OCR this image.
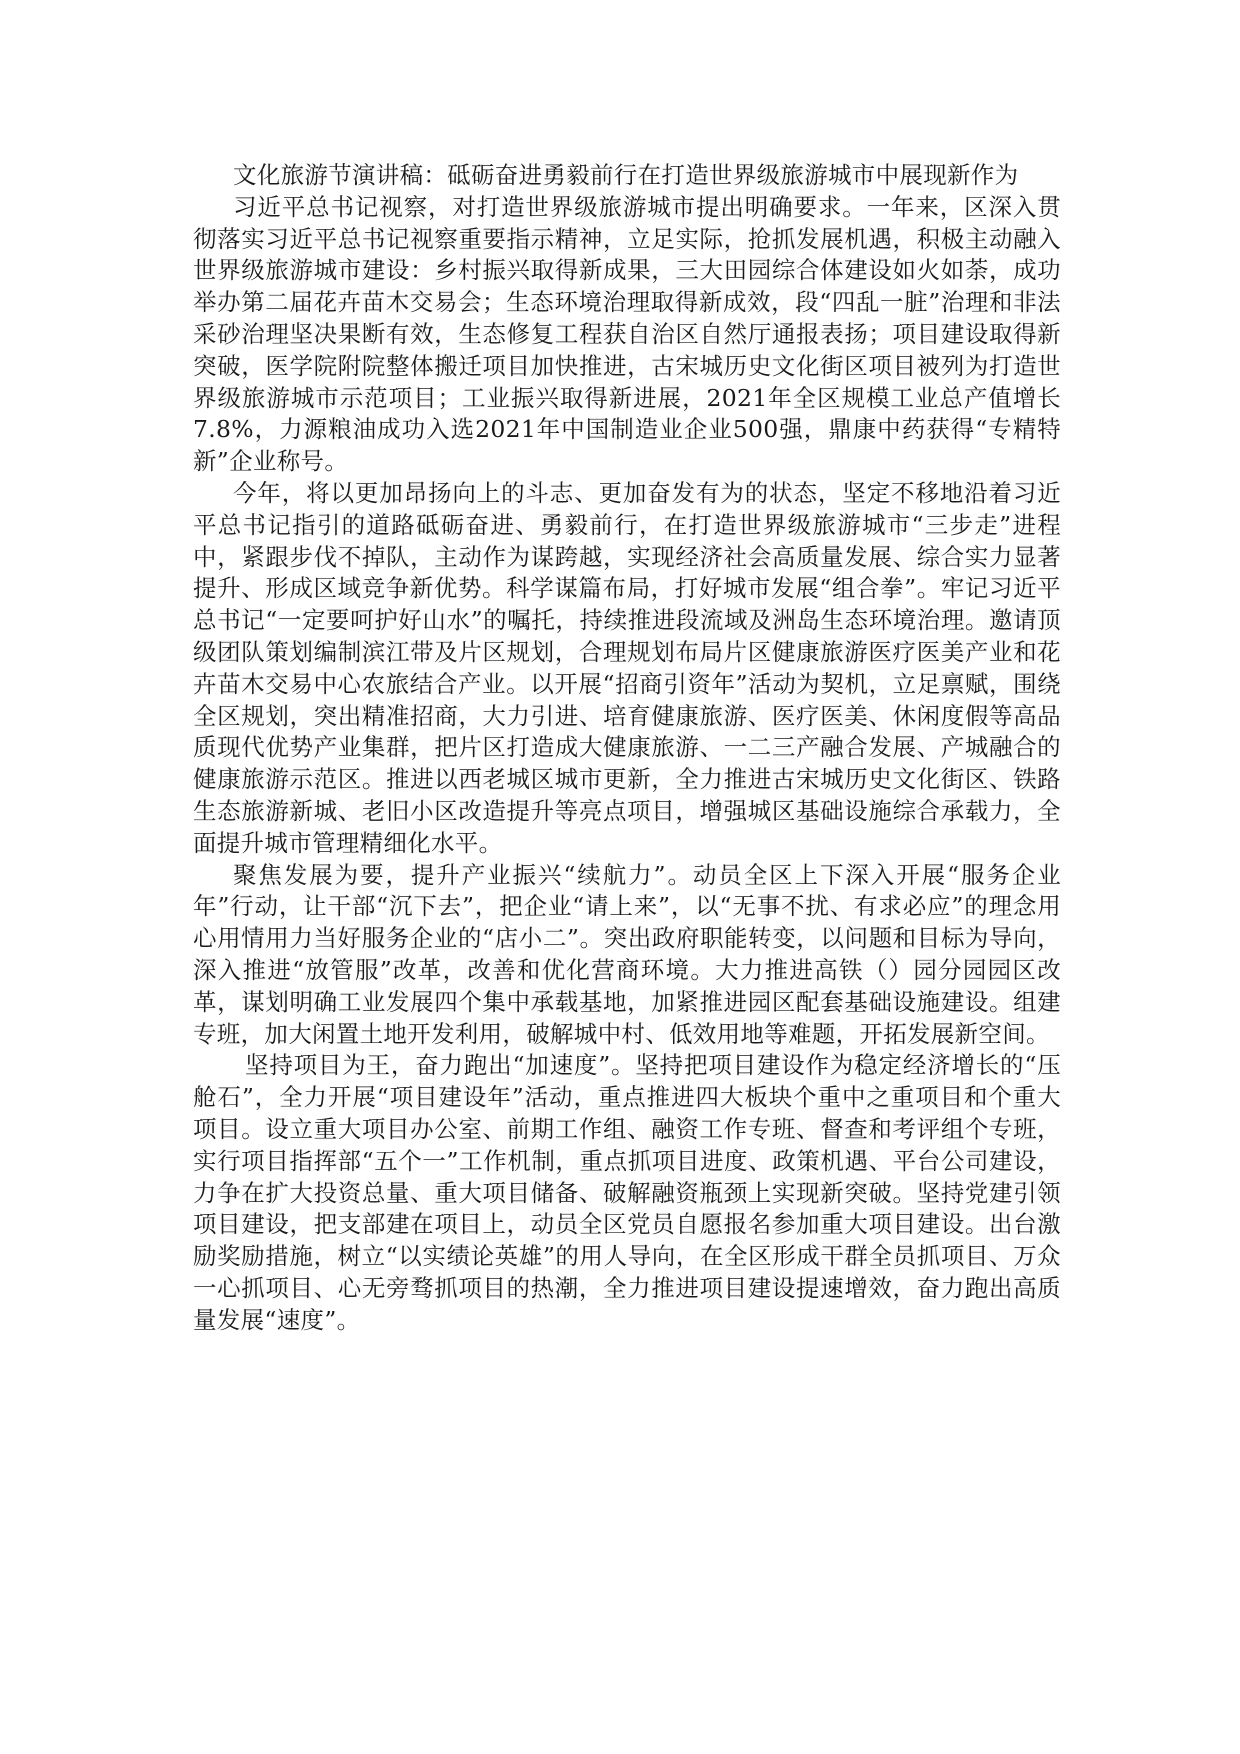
文化旅游节演讲稿：砥砺奋进勇毅前行在打造世界级旅游城市中展现新作为

习近平总书记视察，对打造世界级旅游城市提出明确要求。一年来，区深入贯彻落实习近平总书记视察重要指示精神，立足实际，抢抓发展机遇，积极主动融入世界级旅游城市建设：乡村振兴取得新成果，三大田园综合体建设如火如荼，成功举办第二届花卉苗木交易会；生态环境治理取得新成效，段“四乱一脏”治理和非法采砂治理坚决果断有效，生态修复工程获自治区自然厅通报表扬；项目建设取得新突破，医学院附院整体搬迁项目加快推进，古宋城历史文化街区项目被列为打造世界级旅游城市示范项目；工业振兴取得新进展，2021年全区规模工业总产值增长7.8%，力源粮油成功入选2021年中国制造业企业500强，鼎康中药获得“专精特新”企业称号。

今年，将以更加昂扬向上的斗志、更加奋发有为的状态，坚定不移地沿着习近平总书记指引的道路砥砺奋进、勇毅前行，在打造世界级旅游城市“三步走”进程中，紧跟步伐不掉队，主动作为谋跨越，实现经济社会高质量发展、综合实力显著提升、形成区域竞争新优势。科学谋篇布局，打好城市发展“组合拳”。牢记习近平总书记“一定要呵护好山水”的嘱托，持续推进段流域及洲岛生态环境治理。邀请顶级团队策划编制滨江带及片区规划，合理规划布局片区健康旅游医疗医美产业和花卉苗木交易中心农旅结合产业。以开展“招商引资年”活动为契机，立足禀赋，围绕全区规划，突出精准招商，大力引进、培育健康旅游、医疗医美、休闲度假等高品质现代优势产业集群，把片区打造成大健康旅游、一二三产融合发展、产城融合的健康旅游示范区。推进以西老城区城市更新，全力推进古宋城历史文化街区、铁路生态旅游新城、老旧小区改造提升等亮点项目，增强城区基础设施综合承载力，全面提升城市管理精细化水平。

聚焦发展为要，提升产业振兴“续航力”。动员全区上下深入开展“服务企业年”行动，让干部“沉下去”，把企业“请上来”，以“无事不扰、有求必应”的理念用心用情用力当好服务企业的“店小二”。突出政府职能转变，以问题和目标为导向，深入推进“放管服”改革，改善和优化营商环境。大力推进高铁（）园分园园区改革，谋划明确工业发展四个集中承载基地，加紧推进园区配套基础设施建设。组建专班，加大闲置土地开发利用，破解城中村、低效用地等难题，开拓发展新空间。

坚持项目为王，奋力跑出“加速度”。坚持把项目建设作为稳定经济增长的“压舱石”，全力开展“项目建设年”活动，重点推进四大板块个重中之重项目和个重大项目。设立重大项目办公室、前期工作组、融资工作专班、督查和考评组个专班，实行项目指挥部“五个一”工作机制，重点抓项目进度、政策机遇、平台公司建设，力争在扩大投资总量、重大项目储备、破解融资瓶颈上实现新突破。坚持党建引领项目建设，把支部建在项目上，动员全区党员自愿报名参加重大项目建设。出台激励奖励措施，树立“以实绩论英雄”的用人导向，在全区形成干群全员抓项目、万众一心抓项目、心无旁骛抓项目的热潮，全力推进项目建设提速增效，奋力跑出高质量发展“速度”。
